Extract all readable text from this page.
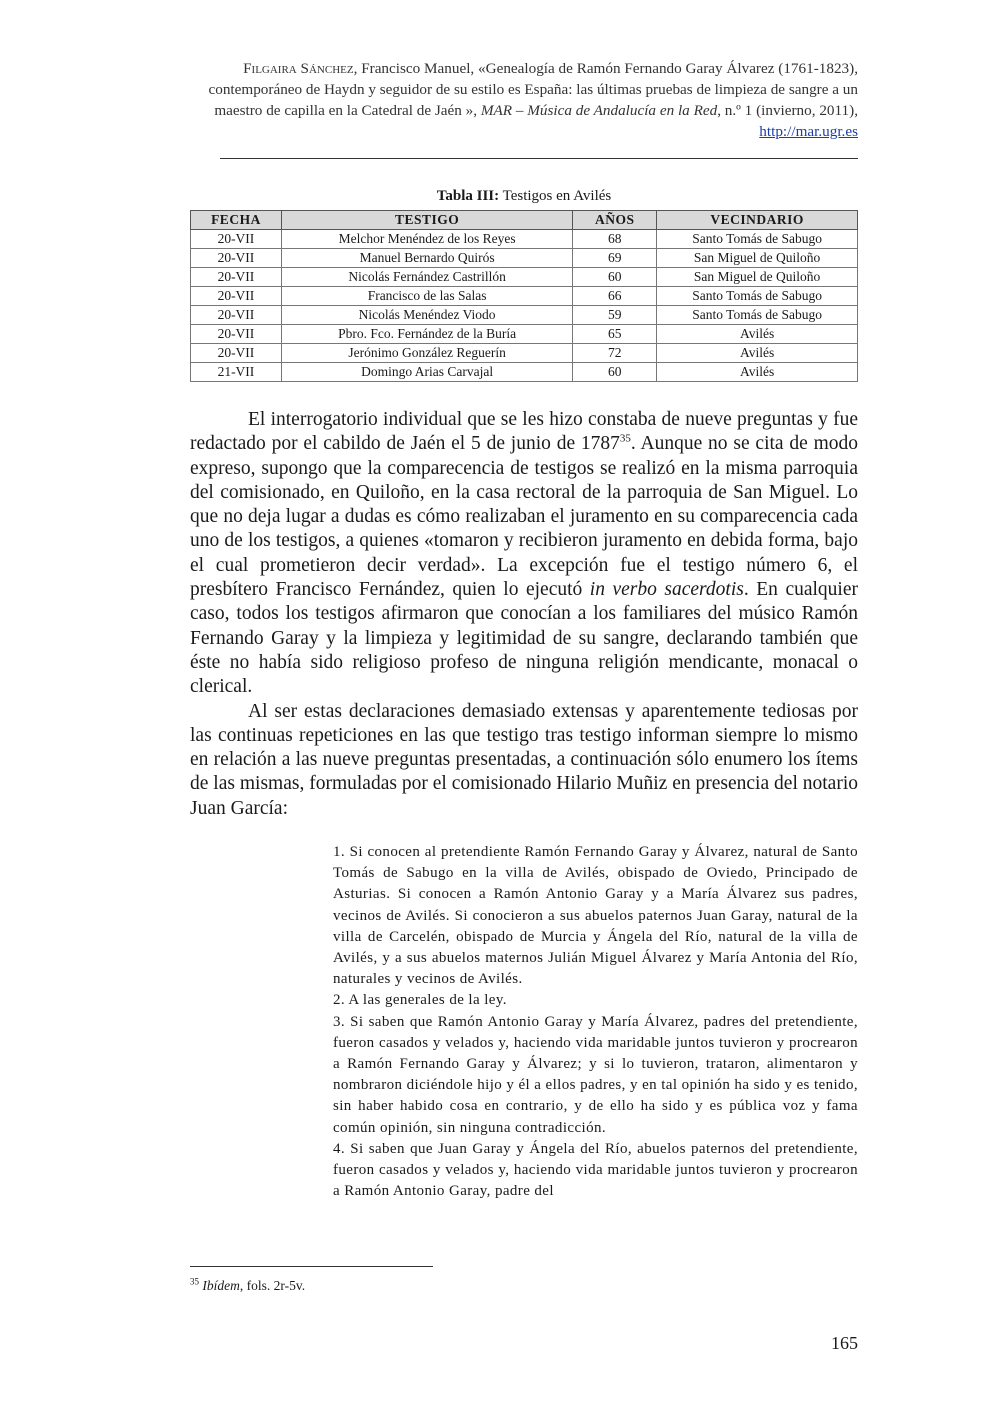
Filgaira Sánchez, Francisco Manuel, «Genealogía de Ramón Fernando Garay Álvarez (1761-1823), contemporáneo de Haydn y seguidor de su estilo es España: las últimas pruebas de limpieza de sangre a un maestro de capilla en la Catedral de Jaén », MAR – Música de Andalucía en la Red, n.º 1 (invierno, 2011), http://mar.ugr.es
Tabla III: Testigos en Avilés
FECHA	TESTIGO	AÑOS	VECINDARIO
20-VII	Melchor Menéndez de los Reyes	68	Santo Tomás de Sabugo
20-VII	Manuel Bernardo Quirós	69	San Miguel de Quiloño
20-VII	Nicolás Fernández Castrillón	60	San Miguel de Quiloño
20-VII	Francisco de las Salas	66	Santo Tomás de Sabugo
20-VII	Nicolás Menéndez Viodo	59	Santo Tomás de Sabugo
20-VII	Pbro. Fco. Fernández de la Buría	65	Avilés
20-VII	Jerónimo González Reguerín	72	Avilés
21-VII	Domingo Arias Carvajal	60	Avilés

El interrogatorio individual que se les hizo constaba de nueve preguntas y fue redactado por el cabildo de Jaén el 5 de junio de 1787$^{35}$. Aunque no se cita de modo expreso, supongo que la comparecencia de testigos se realizó en la misma parroquia del comisionado, en Quiloño, en la casa rectoral de la parroquia de San Miguel. Lo que no deja lugar a dudas es cómo realizaban el juramento en su comparecencia cada uno de los testigos, a quienes «tomaron y recibieron juramento en debida forma, bajo el cual prometieron decir verdad». La excepción fue el testigo número 6, el presbítero Francisco Fernández, quien lo ejecutó in verbo sacerdotis. En cualquier caso, todos los testigos afirmaron que conocían a los familiares del músico Ramón Fernando Garay y la limpieza y legitimidad de su sangre, declarando también que éste no había sido religioso profeso de ninguna religión mendicante, monacal o clerical.

Al ser estas declaraciones demasiado extensas y aparentemente tediosas por las continuas repeticiones en las que testigo tras testigo informan siempre lo mismo en relación a las nueve preguntas presentadas, a continuación sólo enumero los ítems de las mismas, formuladas por el comisionado Hilario Muñiz en presencia del notario Juan García:

1. Si conocen al pretendiente Ramón Fernando Garay y Álvarez, natural de Santo Tomás de Sabugo en la villa de Avilés, obispado de Oviedo, Principado de Asturias. Si conocen a Ramón Antonio Garay y a María Álvarez sus padres, vecinos de Avilés. Si conocieron a sus abuelos paternos Juan Garay, natural de la villa de Carcelén, obispado de Murcia y Ángela del Río, natural de la villa de Avilés, y a sus abuelos maternos Julián Miguel Álvarez y María Antonia del Río, naturales y vecinos de Avilés.

2. A las generales de la ley.

3. Si saben que Ramón Antonio Garay y María Álvarez, padres del pretendiente, fueron casados y velados y, haciendo vida maridable juntos tuvieron y procrearon a Ramón Fernando Garay y Álvarez; y si lo tuvieron, trataron, alimentaron y nombraron diciéndole hijo y él a ellos padres, y en tal opinión ha sido y es tenido, sin haber habido cosa en contrario, y de ello ha sido y es pública voz y fama común opinión, sin ninguna contradicción.

4. Si saben que Juan Garay y Ángela del Río, abuelos paternos del pretendiente, fueron casados y velados y, haciendo vida maridable juntos tuvieron y procrearon a Ramón Antonio Garay, padre del

$^{35}$ Ibídem, fols. 2r-5v.
165
